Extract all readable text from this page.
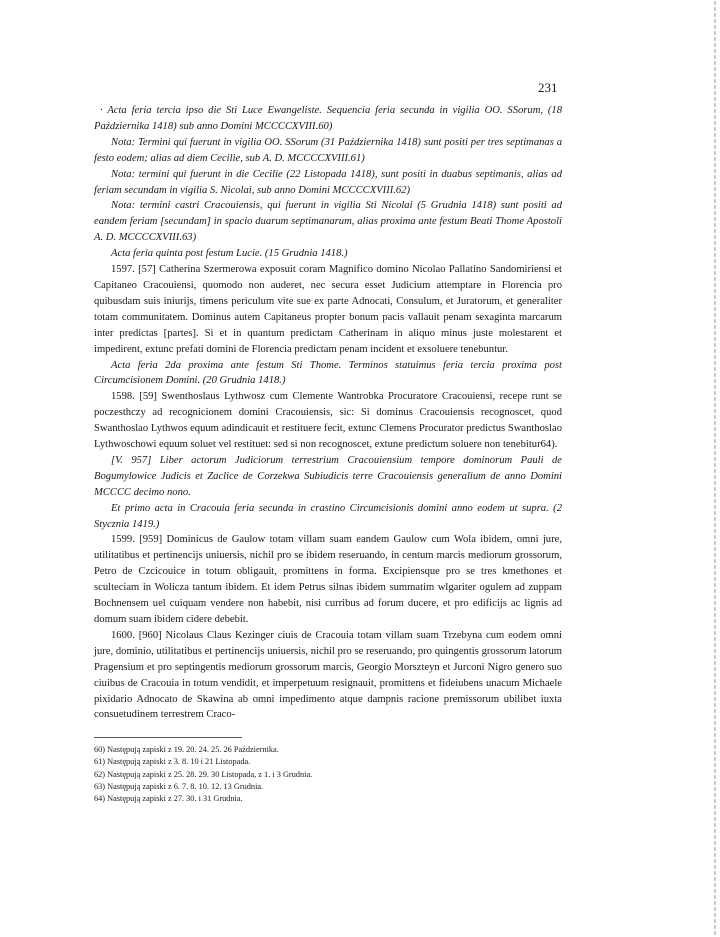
231

· Acta feria tercia ipso die Sti Luce Ewangeliste. Sequencia feria secunda in vigilia OO. SSorum, (18 Października 1418) sub anno Domini MCCCCXVIII.60)

Nota: Termini qui fuerunt in vigilia OO. SSorum (31 Października 1418) sunt positi per tres septimanas a festo eodem; alias ad diem Cecilie, sub A. D. MCCCCXVIII.61)

Nota: termini qui fuerunt in die Cecilie (22 Listopada 1418), sunt positi in duabus septimanis, alias ad feriam secundam in vigilia S. Nicolai, sub anno Domini MCCCCXVIII.62)

Nota: termini castri Cracouiensis, qui fuerunt in vigilia Sti Nicolai (5 Grudnia 1418) sunt positi ad eandem feriam [secundam] in spacio duarum septimanarum, alias proxima ante festum Beati Thome Apostoli A. D. MCCCCXVIII.63)

Acta feria quinta post festum Lucie. (15 Grudnia 1418.)

1597. [57] Catherina Szermerowa exposuit coram Magnifico domino Nicolao Pallatino Sandomiriensi et Capitaneo Cracouiensi, quomodo non auderet, nec secura esset Judicium attemptare in Florencia pro quibusdam suis iniurijs, timens periculum vite sue ex parte Adnocati, Consulum, et Juratorum, et generaliter totam communitatem. Dominus autem Capitaneus propter bonum pacis vallauit penam sexaginta marcarum inter predictas [partes]. Si et in quantum predictam Catherinam in aliquo minus juste molestarent et impedirent, extunc prefati domini de Florencia predictam penam incident et exsoluere tenebuntur.

Acta feria 2da proxima ante festum Sti Thome. Terminos statuimus feria tercia proxima post Circumcisionem Domini. (20 Grudnia 1418.)

1598. [59] Swenthoslaus Lythwosz cum Clemente Wantrobka Procuratore Cracouiensi, recepe runt se poczesthczy ad recognicionem domini Cracouiensis, sic: Si dominus Cracouiensis recognoscet, quod Swanthoslao Lythwos equum adindicauit et restituere fecit, extunc Clemens Procurator predictus Swanthoslao Lythwoschowi equum soluet vel restituet: sed si non recognoscet, extune predictum soluere non tenebitur64).

[V. 957] Liber actorum Judiciorum terrestrium Cracouiensium tempore dominorum Pauli de Bogumylowice Judicis et Zaclice de Corzekwa Subiudicis terre Cracouiensis generalium de anno Domini MCCCC decimo nono.

Et primo acta in Cracouia feria secunda in crastino Circumcisionis domini anno eodem ut supra. (2 Stycznia 1419.)

1599. [959] Dominicus de Gaulow totam villam suam eandem Gaulow cum Wola ibidem, omni jure, utilitatibus et pertinencijs uniuersis, nichil pro se ibidem reseruando, in centum marcis mediorum grossorum, Petro de Czcicouice in totum obligauit, promittens in forma. Excipiensque pro se tres kmethones et sculteciam in Wolicza tantum ibidem. Et idem Petrus silnas ibidem summatim wlgariter ogulem ad zuppam Bochnensem uel cuiquam vendere non habebit, nisi curribus ad forum ducere, et pro edificijs ac lignis ad domum suam ibidem cidere debebit.

1600. [960] Nicolaus Claus Kezinger ciuis de Cracouia totam villam suam Trzebyna cum eodem omni jure, dominio, utilitatibus et pertinencijs uniuersis, nichil pro se reseruando, pro quingentis grossorum latorum Pragensium et pro septingentis mediorum grossorum marcis, Georgio Morszteyn et Jurconi Nigro genero suo ciuibus de Cracouia in totum vendidit, et imperpetuum resignauit, promittens et fideiubens unacum Michaele pixidario Adnocato de Skawina ab omni impedimento atque dampnis racione premissorum ubilibet iuxta consuetudinem terrestrem Craco-

60) Następują zapiski z 19. 20. 24. 25. 26 Października.
61) Następują zapiski z 3. 8. 10 i 21 Listopada.
62) Następują zapiski z 25. 28. 29. 30 Listopada, z 1. i 3 Grudnia.
63) Następują zapiski z 6. 7. 8. 10. 12. 13 Grudnia.
64) Następują zapiski z 27. 30. i 31 Grudnia.
